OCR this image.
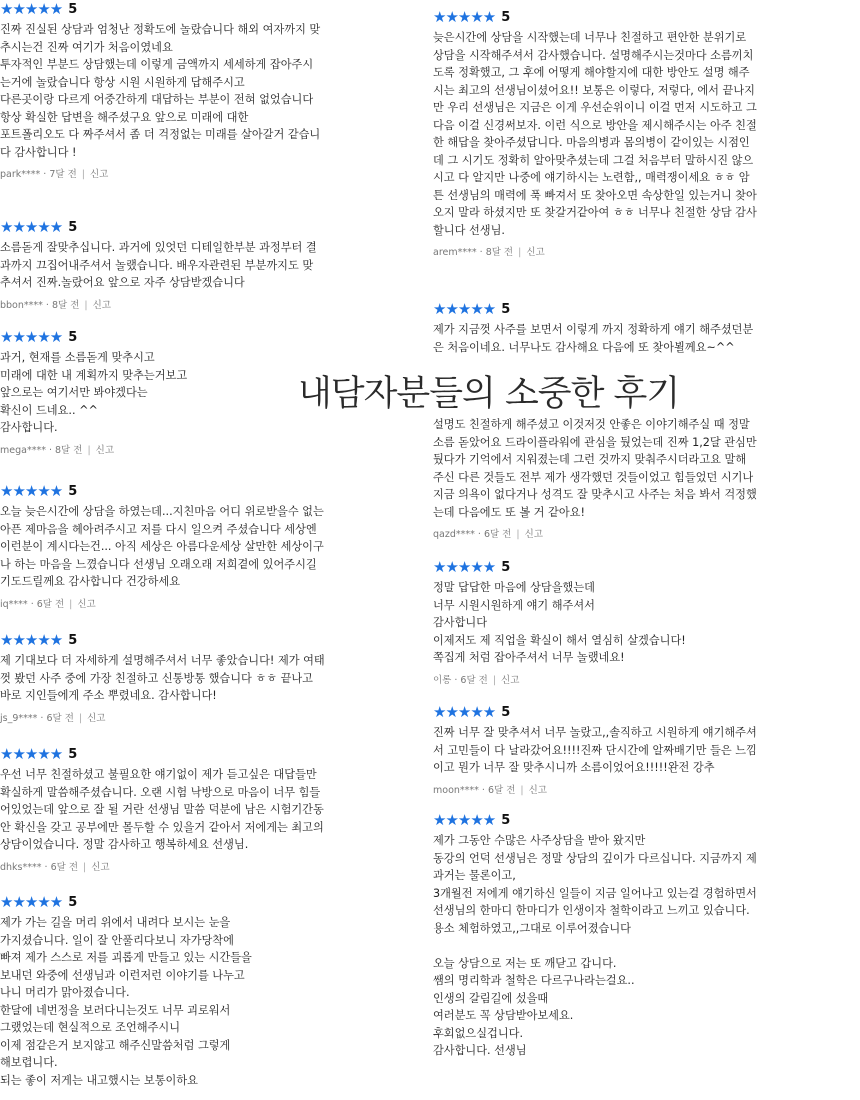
★★★★★ 5
진짜 진실된 상담과 엄청난 정확도에 놀랐습니다 해외 여자까지 맞
추시는건 진짜 여기가 처음이였네요
투자적인 부분드 상담했는데 이렇게 금액까지 세세하게 잡아주시
는거에 놀랐습니다 항상 시원 시원하게 답해주시고
다른곳이랑 다르게 어중간하게 대답하는 부분이 전혀 없었습니다
항상 확실한 답변을 해주셨구요 앞으로 미래에 대한
포트폴리오도 다 짜주셔서 좀 더 걱정없는 미래를 살아갈거 같습니
다 감사합니다 !
park**** · 7달 전 | 신고
★★★★★ 5
소름돋게 잘맞추십니다. 과거에 있엇던 디테일한부분 과정부터 결
과까지 끄집어내주셔서 놀랬습니다. 배우자관련된 부분까지도 맞
추셔서 진짜.놀랐어요 앞으로 자주 상담받겠습니다
bbon**** · 8달 전 | 신고
★★★★★ 5
과거, 현재를 소름돋게 맞추시고
미래에 대한 내 계획까지 맞추는거보고
앞으로는 여기서만 봐야겠다는
확신이 드네요.. ^^
감사합니다.
mega**** · 8달 전 | 신고
★★★★★ 5
오늘 늦은시간에 상담을 하였는데...지친마음 어디 위로받을수 없는
아픈 제마음을 헤아려주시고 저를 다시 일으켜 주셨습니다 세상엔
이런분이 계시다는건... 아직 세상은 아름다운세상 살만한 세상이구
나 하는 마음을 느꼈습니다 선생님 오래오래 저희곁에 있어주시길
기도드릴께요 감사합니다 건강하세요
iq**** · 6달 전 | 신고
★★★★★ 5
제 기대보다 더 자세하게 설명해주셔서 너무 좋았습니다! 제가 여태
껏 봤던 사주 중에 가장 친절하고 신통방통 했습니다 ㅎㅎ 끝나고
바로 지인들에게 주소 뿌렸네요. 감사합니다!
js_9**** · 6달 전 | 신고
★★★★★ 5
우선 너무 친절하셨고 불필요한 얘기없이 제가 듣고싶은 대답들만
확실하게 말씀해주셨습니다. 오랜 시험 낙방으로 마음이 너무 힘들
어있었는데 앞으로 잘 될 거란 선생님 말씀 덕분에 남은 시험기간동
안 확신을 갖고 공부에만 몰두할 수 있을거 같아서 저에게는 최고의
상담이었습니다. 정말 감사하고 행복하세요 선생님.
dhks**** · 6달 전 | 신고
★★★★★ 5
제가 가는 길을 머리 위에서 내려다 보시는 눈을
가지셨습니다. 일이 잘 안풀리다보니 자가당착에
빠져 제가 스스로 저를 괴롭게 만들고 있는 시간들을
보내던 와중에 선생님과 이런저런 이야기를 나누고
나니 머리가 맑아졌습니다.
한달에 네번정을 보러다니는것도 너무 괴로워서
그랬었는데 현실적으로 조언해주시니
이제 점같은거 보지않고 해주신말씀처럼 그렇게
해보렵니다.
되는 좋이 저게는 내고했시는 보통이하요
★★★★★ 5
늦은시간에 상담을 시작했는데 너무나 친절하고 편안한 분위기로
상담을 시작해주셔서 감사했습니다. 설명해주시는것마다 소름끼치
도록 정확했고, 그 후에 어떻게 해야할지에 대한 방안도 설명 해주
시는 최고의 선생님이셨어요!! 보통은 이렇다, 저렇다, 에서 끝나지
만 우리 선생님은 지금은 이게 우선순위이니 이걸 먼저 시도하고 그
다음 이걸 신경써보자. 이런 식으로 방안을 제시해주시는 아주 친절
한 해답을 찾아주셨답니다. 마음의병과 몸의병이 같이있는 시점인
데 그 시기도 정확히 알아맞추셨는데 그걸 처음부터 말하시진 않으
시고 다 알지만 나중에 얘기하시는 노련함,, 매력쟁이세요 ㅎㅎ 암
튼 선생님의 매력에 푹 빠져서 또 찾아오면 속상한일 있는거니 찾아
오지 말라 하셨지만 또 찾갈거같아여 ㅎㅎ 너무나 친절한 상담 감사
할니다 선생님.
arem**** · 8달 전 | 신고
★★★★★ 5
제가 지금껏 사주를 보면서 이렇게 까지 정확하게 얘기 해주셨던분
은 처음이네요. 너무나도 감사해요 다음에 또 찾아뵐께요~^^
설명도 친절하게 해주셨고 이것저것 안좋은 이야기해주실 때 정말
소름 돋았어요 드라이플라워에 관심을 뒀었는데 진짜 1,2달 관심만
뒀다가 기억에서 지워졌는데 그런 것까지 맞춰주시더라고요 말해
주신 다른 것들도 전부 제가 생각했던 것들이었고 힘들었던 시기나
지금 의욕이 없다거나 성격도 잘 맞추시고 사주는 처음 봐서 걱정했
는데 다음에도 또 볼 거 같아요!
qazd**** · 6달 전 | 신고
★★★★★ 5
정말 답답한 마음에 상담을했는데
너무 시원시원하게 얘기 해주셔서
감사합니다
이제저도 제 직업을 확실이 해서 열심히 살겠습니다!
쪽집게 처럼 잡아주셔서 너무 놀랬네요!
이롱 · 6달 전 | 신고
★★★★★ 5
진짜 너무 잘 맞추셔서 너무 놀랐고,,솔직하고 시원하게 얘기해주셔
서 고민들이 다 날라갔어요!!!!진짜 단시간에 알짜배기만 들은 느낌
이고 뭔가 너무 잘 맞추시니까 소름이었어요!!!!!완전 강추
moon**** · 6달 전 | 신고
★★★★★ 5
제가 그동안 수많은 사주상담을 받아 왔지만
동강의 언덕 선생님은 정말 상담의 깊이가 다르십니다. 지금까지 제
과거는 물론이고,
3개월전 저에게 얘기하신 일들이 지금 일어나고 있는걸 경험하면서
선생님의 한마디 한마디가 인생이자 철학이라고 느끼고 있습니다.
용소 체험하였고,,그대로 이루어졌습니다

오늘 상담으로 저는 또 깨닫고 갑니다.
쌤의 명리학과 철학은 다르구나라는걸요..
인생의 갈림길에 섰을때
여러분도 꼭 상담받아보세요.
후회없으실겁니다.
감사합니다. 선생님
내담자분들의 소중한 후기
